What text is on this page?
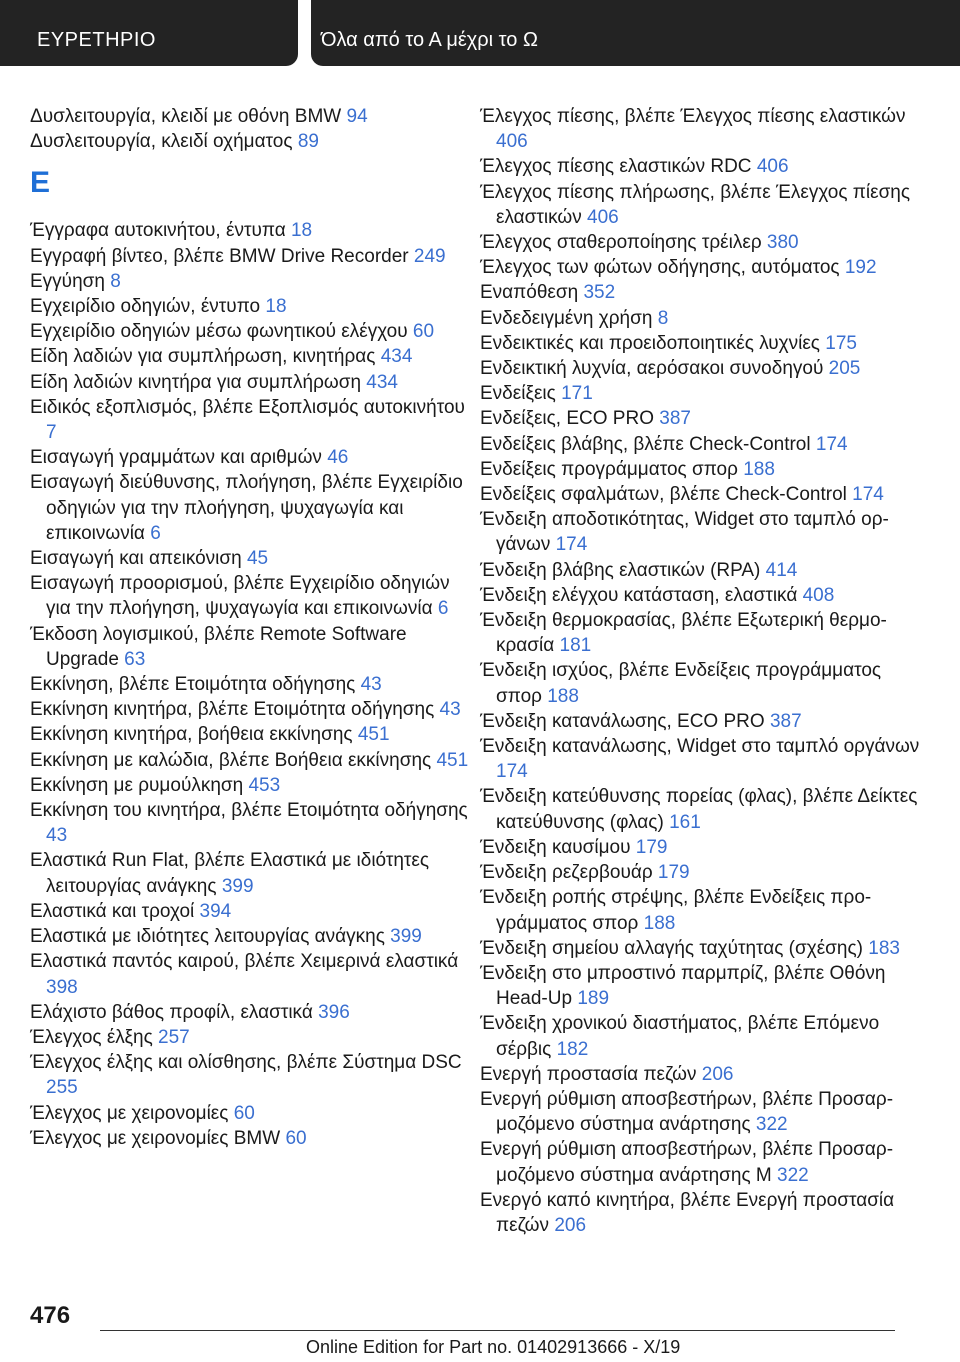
ΕΥΡΕΤΗΡΙΟ	Όλα από το Α μέχρι το Ω

Δυσλειτουργία, κλειδί με οθόνη BMW 94

Δυσλειτουργία, κλειδί οχήματος 89

E

Έγγραφα αυτοκινήτου, έντυπα 18

Εγγραφή βίντεο, βλέπε BMW Drive Recorder 249

Εγγύηση 8

Εγχειρίδιο οδηγιών, έντυπο 18

Εγχειρίδιο οδηγιών μέσω φωνητικού ελέγχου 60

Είδη λαδιών για συμπλήρωση, κινητήρας 434

Είδη λαδιών κινητήρα για συμπλήρωση 434

Ειδικός εξοπλισμός, βλέπε Εξοπλισμός αυτοκινήτου 7

Εισαγωγή γραμμάτων και αριθμών 46

Εισαγωγή διεύθυνσης, πλοήγηση, βλέπε Εγχειρίδιο οδηγιών για την πλοήγηση, ψυχαγωγία και επικοινωνία 6

Εισαγωγή και απεικόνιση 45

Εισαγωγή προορισμού, βλέπε Εγχειρίδιο οδηγιών για την πλοήγηση, ψυχαγωγία και επικοινωνία 6

Έκδοση λογισμικού, βλέπε Remote Software Upgrade 63

Εκκίνηση, βλέπε Ετοιμότητα οδήγησης 43

Εκκίνηση κινητήρα, βλέπε Ετοιμότητα οδήγησης 43

Εκκίνηση κινητήρα, βοήθεια εκκίνησης 451

Εκκίνηση με καλώδια, βλέπε Βοήθεια εκκίνησης 451

Εκκίνηση με ρυμούλκηση 453

Εκκίνηση του κινητήρα, βλέπε Ετοιμότητα οδήγησης 43

Ελαστικά Run Flat, βλέπε Ελαστικά με ιδιότητες λειτουργίας ανάγκης 399

Ελαστικά και τροχοί 394

Ελαστικά με ιδιότητες λειτουργίας ανάγκης 399

Ελαστικά παντός καιρού, βλέπε Χειμερινά ελαστικά 398

Ελάχιστο βάθος προφίλ, ελαστικά 396

Έλεγχος έλξης 257

Έλεγχος έλξης και ολίσθησης, βλέπε Σύστημα DSC 255

Έλεγχος με χειρονομίες 60

Έλεγχος με χειρονομίες BMW 60

Έλεγχος πίεσης, βλέπε Έλεγχος πίεσης ελαστικών 406

Έλεγχος πίεσης ελαστικών RDC 406

Έλεγχος πίεσης πλήρωσης, βλέπε Έλεγχος πίεσης ελαστικών 406

Έλεγχος σταθεροποίησης τρέιλερ 380

Έλεγχος των φώτων οδήγησης, αυτόματος 192

Εναπόθεση 352

Ενδεδειγμένη χρήση 8

Ενδεικτικές και προειδοποιητικές λυχνίες 175

Ενδεικτική λυχνία, αερόσακοι συνοδηγού 205

Ενδείξεις 171

Ενδείξεις, ECO PRO 387

Ενδείξεις βλάβης, βλέπε Check-Control 174

Ενδείξεις προγράμματος σπορ 188

Ενδείξεις σφαλμάτων, βλέπε Check-Control 174

Ένδειξη αποδοτικότητας, Widget στο ταμπλό οργάνων 174

Ένδειξη βλάβης ελαστικών (RPA) 414

Ένδειξη ελέγχου κατάσταση, ελαστικά 408

Ένδειξη θερμοκρασίας, βλέπε Εξωτερική θερμοκρασία 181

Ένδειξη ισχύος, βλέπε Ενδείξεις προγράμματος σπορ 188

Ένδειξη κατανάλωσης, ECO PRO 387

Ένδειξη κατανάλωσης, Widget στο ταμπλό οργάνων 174

Ένδειξη κατεύθυνσης πορείας (φλας), βλέπε Δείκτες κατεύθυνσης (φλας) 161

Ένδειξη καυσίμου 179

Ένδειξη ρεζερβουάρ 179

Ένδειξη ροπής στρέψης, βλέπε Ενδείξεις προγράμματος σπορ 188

Ένδειξη σημείου αλλαγής ταχύτητας (σχέσης) 183

Ένδειξη στο μπροστινό παρμπρίζ, βλέπε Οθόνη Head-Up 189

Ένδειξη χρονικού διαστήματος, βλέπε Επόμενο σέρβις 182

Ενεργή προστασία πεζών 206

Ενεργή ρύθμιση αποσβεστήρων, βλέπε Προσαρμοζόμενο σύστημα ανάρτησης 322

Ενεργή ρύθμιση αποσβεστήρων, βλέπε Προσαρμοζόμενο σύστημα ανάρτησης M 322

Ενεργό καπό κινητήρα, βλέπε Ενεργή προστασία πεζών 206

476
Online Edition for Part no. 01402913666 - X/19
